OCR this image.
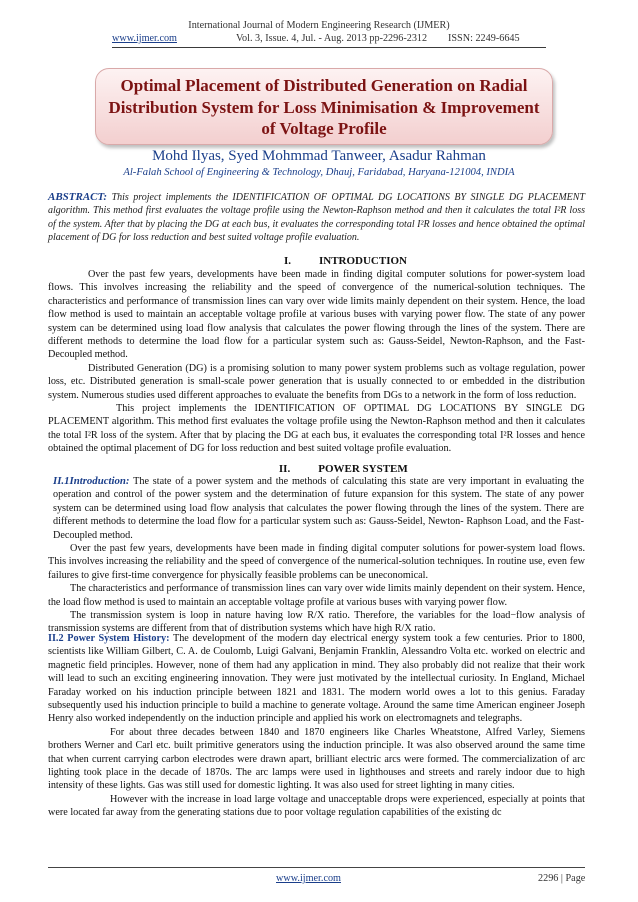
International Journal of Modern Engineering Research (IJMER)
www.ijmer.com	Vol. 3, Issue. 4, Jul. - Aug. 2013 pp-2296-2312 ISSN: 2249-6645

Optimal Placement of Distributed Generation on Radial

Distribution System for Loss Minimisation & Improvement

of Voltage Profile

Mohd Ilyas, Syed Mohmmad Tanweer, Asadur Rahman
Al-Falah School of Engineering & Technology, Dhauj, Faridabad, Haryana-121004, INDIA
ABSTRACT: This project implements the IDENTIFICATION OF OPTIMAL DG LOCATIONS BY SINGLE DG PLACEMENT algorithm. This method first evaluates the voltage profile using the Newton-Raphson method and then it calculates the total I²R loss of the system. After that by placing the DG at each bus, it evaluates the corresponding total I²R losses and hence obtained the optimal placement of DG for loss reduction and best suited voltage profile evaluation.
I.	INTRODUCTION

Over the past few years, developments have been made in finding digital computer solutions for power-system load flows. This involves increasing the reliability and the speed of convergence of the numerical-solution techniques. The characteristics and performance of transmission lines can vary over wide limits mainly dependent on their system. Hence, the load flow method is used to maintain an acceptable voltage profile at various buses with varying power flow. The state of any power system can be determined using load flow analysis that calculates the power flowing through the lines of the system. There are different methods to determine the load flow for a particular system such as: Gauss-Seidel, Newton-Raphson, and the Fast-Decoupled method.

Distributed Generation (DG) is a promising solution to many power system problems such as voltage regulation, power loss, etc. Distributed generation is small-scale power generation that is usually connected to or embedded in the distribution system. Numerous studies used different approaches to evaluate the benefits from DGs to a network in the form of loss reduction.

This project implements the IDENTIFICATION OF OPTIMAL DG LOCATIONS BY SINGLE DG PLACEMENT algorithm. This method first evaluates the voltage profile using the Newton-Raphson method and then it calculates the total I²R loss of the system. After that by placing the DG at each bus, it evaluates the corresponding total I²R losses and hence obtained the optimal placement of DG for loss reduction and best suited voltage profile evaluation.

II.	POWER SYSTEM
II.1Introduction: The state of a power system and the methods of calculating this state are very important in evaluating the operation and control of the power system and the determination of future expansion for this system. The state of any power system can be determined using load flow analysis that calculates the power flowing through the lines of the system. There are different methods to determine the load flow for a particular system such as: Gauss-Seidel, Newton- Raphson Load, and the Fast-Decoupled method.

Over the past few years, developments have been made in finding digital computer solutions for power-system load flows. This involves increasing the reliability and the speed of convergence of the numerical-solution techniques. In routine use, even few failures to give first-time convergence for physically feasible problems can be uneconomical.

The characteristics and performance of transmission lines can vary over wide limits mainly dependent on their system. Hence, the load flow method is used to maintain an acceptable voltage profile at various buses with varying power flow.

The transmission system is loop in nature having low R/X ratio. Therefore, the variables for the load−flow analysis of transmission systems are different from that of distribution systems which have high R/X ratio.

II.2 Power System History: The development of the modern day electrical energy system took a few centuries. Prior to 1800, scientists like William Gilbert, C. A. de Coulomb, Luigi Galvani, Benjamin Franklin, Alessandro Volta etc. worked on electric and magnetic field principles. However, none of them had any application in mind. They also probably did not realize that their work will lead to such an exciting engineering innovation. They were just motivated by the intellectual curiosity. In England, Michael Faraday worked on his induction principle between 1821 and 1831. The modern world owes a lot to this genius. Faraday subsequently used his induction principle to build a machine to generate voltage. Around the same time American engineer Joseph Henry also worked independently on the induction principle and applied his work on electromagnets and telegraphs.

For about three decades between 1840 and 1870 engineers like Charles Wheatstone, Alfred Varley, Siemens brothers Werner and Carl etc. built primitive generators using the induction principle. It was also observed around the same time that when current carrying carbon electrodes were drawn apart, brilliant electric arcs were formed. The commercialization of arc lighting took place in the decade of 1870s. The arc lamps were used in lighthouses and streets and rarely indoor due to high intensity of these lights. Gas was still used for domestic lighting. It was also used for street lighting in many cities.

However with the increase in load large voltage and unacceptable drops were experienced, especially at points that were located far away from the generating stations due to poor voltage regulation capabilities of the existing dc

www.ijmer.com	2296 | Page
